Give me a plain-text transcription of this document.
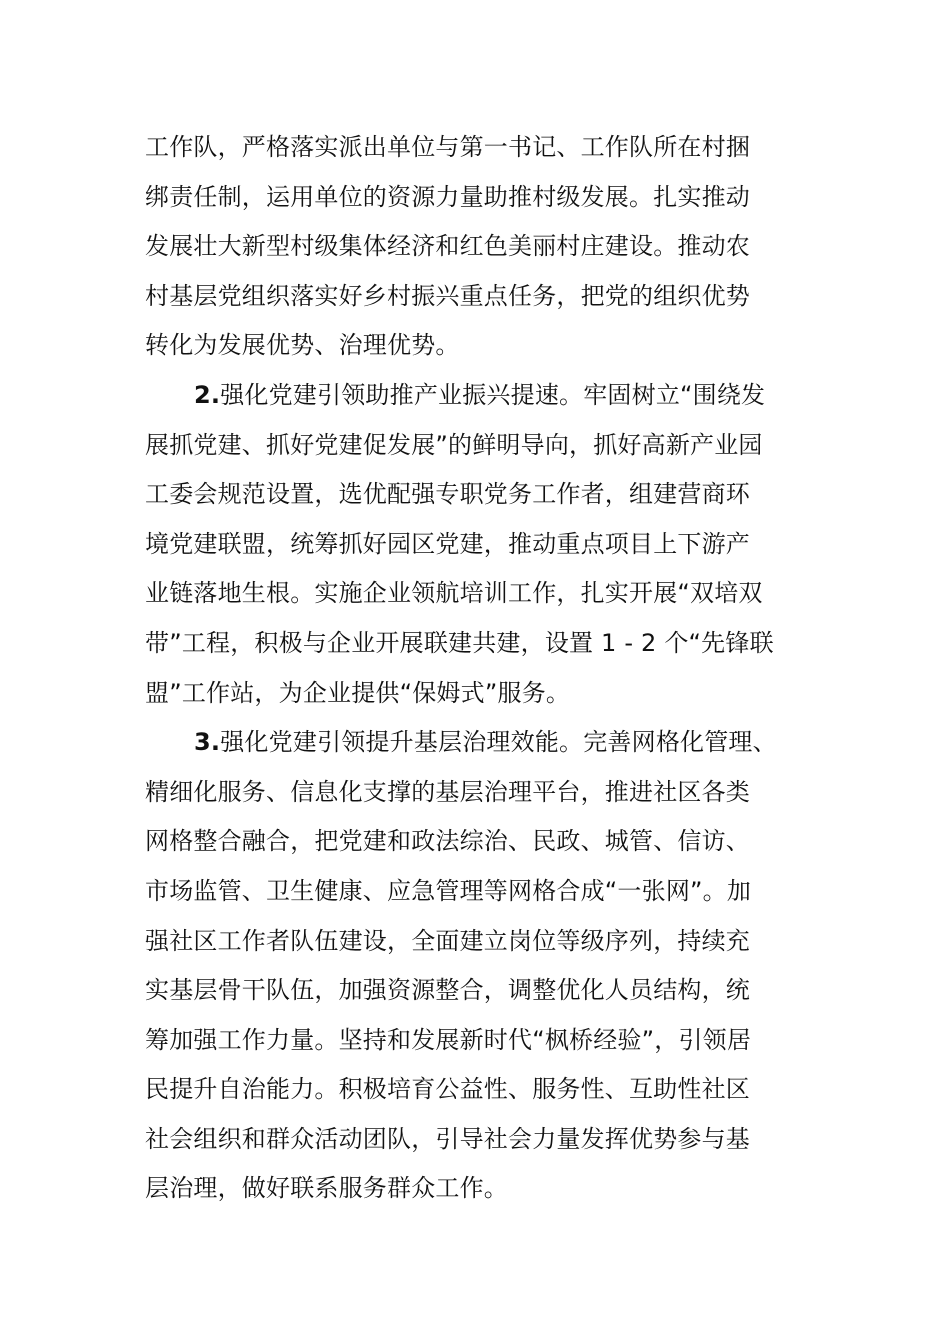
工作队，严格落实派出单位与第一书记、工作队所在村捆
绑责任制，运用单位的资源力量助推村级发展。扎实推动
发展壮大新型村级集体经济和红色美丽村庄建设。推动农
村基层党组织落实好乡村振兴重点任务，把党的组织优势
转化为发展优势、治理优势。
2.强化党建引领助推产业振兴提速。牢固树立“围绕发
展抓党建、抓好党建促发展”的鲜明导向，抓好高新产业园
工委会规范设置，选优配强专职党务工作者，组建营商环
境党建联盟，统筹抓好园区党建，推动重点项目上下游产
业链落地生根。实施企业领航培训工作，扎实开展“双培双
带”工程，积极与企业开展联建共建，设置 1 - 2 个“先锋联
盟”工作站，为企业提供“保姆式”服务。
3.强化党建引领提升基层治理效能。完善网格化管理、
精细化服务、信息化支撑的基层治理平台，推进社区各类
网格整合融合，把党建和政法综治、民政、城管、信访、
市场监管、卫生健康、应急管理等网格合成“一张网”。加
强社区工作者队伍建设，全面建立岗位等级序列，持续充
实基层骨干队伍，加强资源整合，调整优化人员结构，统
筹加强工作力量。坚持和发展新时代“枫桥经验”，引领居
民提升自治能力。积极培育公益性、服务性、互助性社区
社会组织和群众活动团队，引导社会力量发挥优势参与基
层治理，做好联系服务群众工作。
